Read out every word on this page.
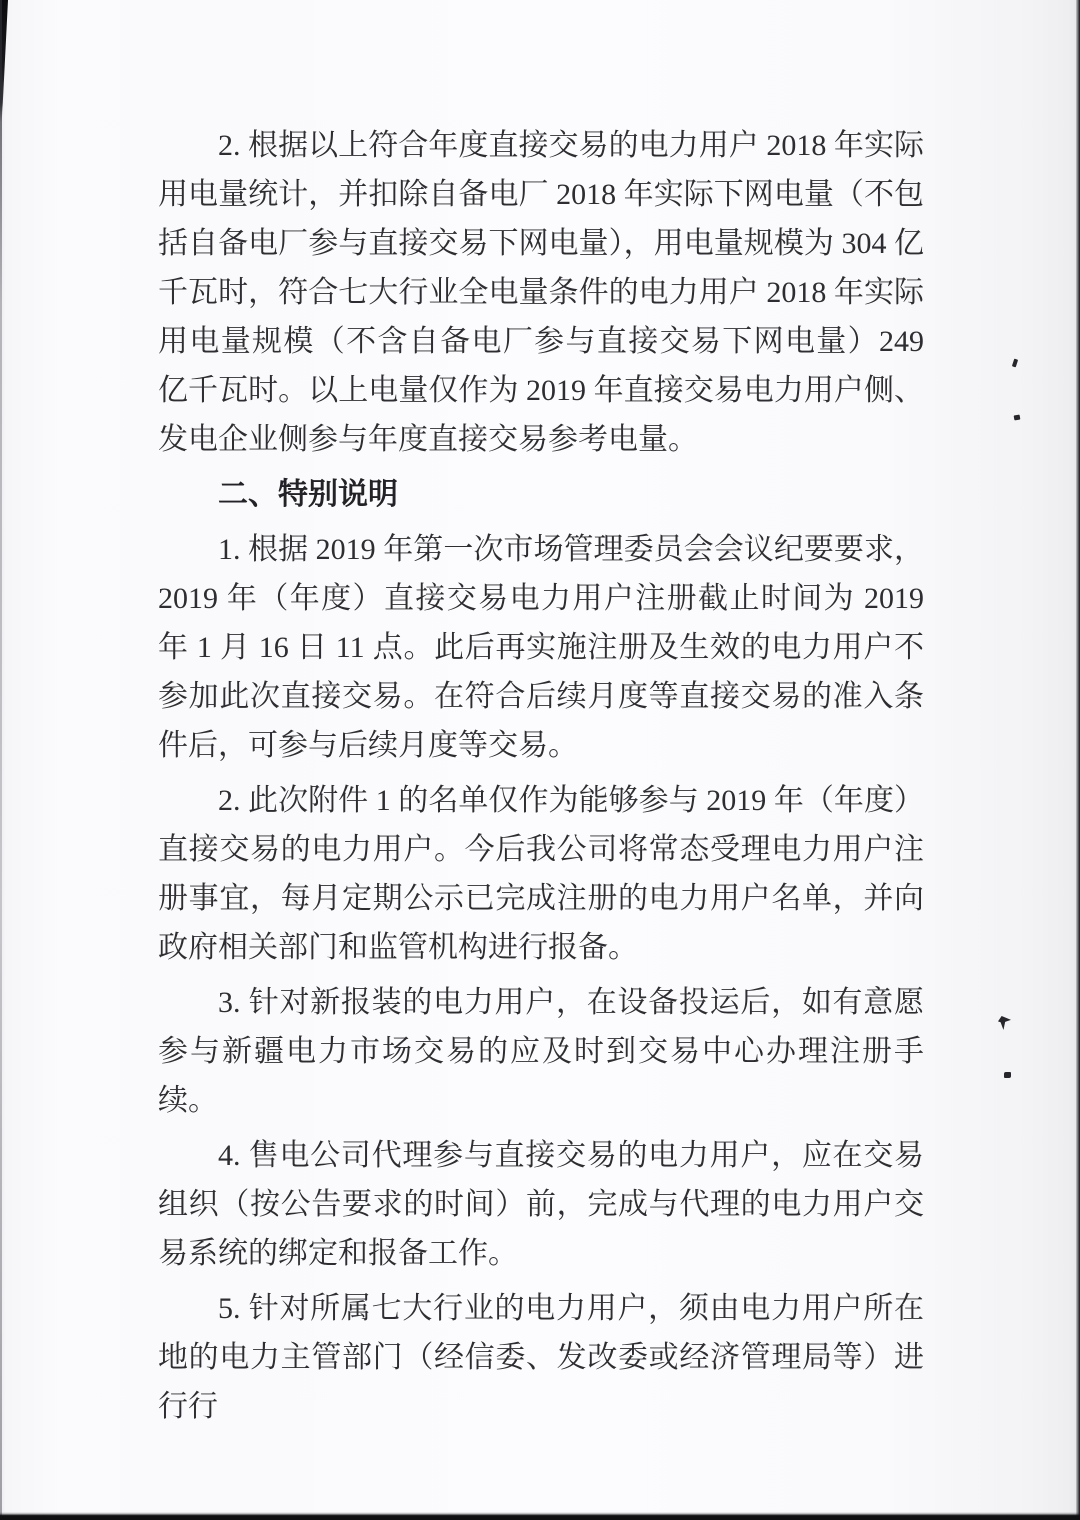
2. 根据以上符合年度直接交易的电力用户 2018 年实际用电量统计，并扣除自备电厂 2018 年实际下网电量（不包括自备电厂参与直接交易下网电量），用电量规模为 304 亿千瓦时，符合七大行业全电量条件的电力用户 2018 年实际用电量规模（不含自备电厂参与直接交易下网电量）249 亿千瓦时。以上电量仅作为 2019 年直接交易电力用户侧、发电企业侧参与年度直接交易参考电量。

二、特别说明

1. 根据 2019 年第一次市场管理委员会会议纪要要求，2019 年（年度）直接交易电力用户注册截止时间为 2019 年 1 月 16 日 11 点。此后再实施注册及生效的电力用户不参加此次直接交易。在符合后续月度等直接交易的准入条件后，可参与后续月度等交易。

2. 此次附件 1 的名单仅作为能够参与 2019 年（年度）直接交易的电力用户。今后我公司将常态受理电力用户注册事宜，每月定期公示已完成注册的电力用户名单，并向政府相关部门和监管机构进行报备。

3. 针对新报装的电力用户，在设备投运后，如有意愿参与新疆电力市场交易的应及时到交易中心办理注册手续。

4. 售电公司代理参与直接交易的电力用户，应在交易组织（按公告要求的时间）前，完成与代理的电力用户交易系统的绑定和报备工作。

5. 针对所属七大行业的电力用户，须由电力用户所在地的电力主管部门（经信委、发改委或经济管理局等）进行行
